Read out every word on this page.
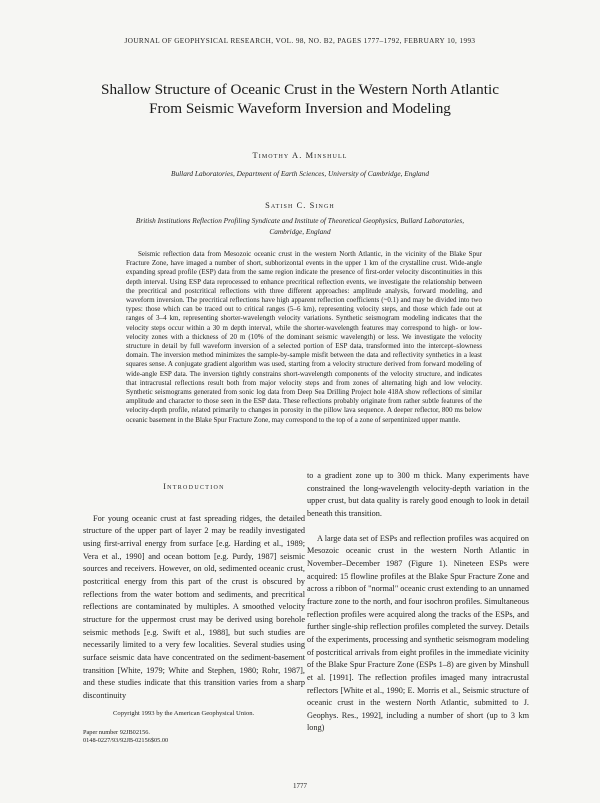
JOURNAL OF GEOPHYSICAL RESEARCH, VOL. 98, NO. B2, PAGES 1777–1792, FEBRUARY 10, 1993
Shallow Structure of Oceanic Crust in the Western North Atlantic
From Seismic Waveform Inversion and Modeling
Timothy A. Minshull
Bullard Laboratories, Department of Earth Sciences, University of Cambridge, England
Satish C. Singh
British Institutions Reflection Profiling Syndicate and Institute of Theoretical Geophysics, Bullard Laboratories,
Cambridge, England

Seismic reflection data from Mesozoic oceanic crust in the western North Atlantic, in the vicinity of the Blake Spur Fracture Zone, have imaged a number of short, subhorizontal events in the upper 1 km of the crystalline crust. Wide-angle expanding spread profile (ESP) data from the same region indicate the presence of first-order velocity discontinuities in this depth interval. Using ESP data reprocessed to enhance precritical reflection events, we investigate the relationship between the precritical and postcritical reflections with three different approaches: amplitude analysis, forward modeling, and waveform inversion. The precritical reflections have high apparent reflection coefficients (~0.1) and may be divided into two types: those which can be traced out to critical ranges (5–6 km), representing velocity steps, and those which fade out at ranges of 3–4 km, representing shorter-wavelength velocity variations. Synthetic seismogram modeling indicates that the velocity steps occur within a 30 m depth interval, while the shorter-wavelength features may correspond to high- or low-velocity zones with a thickness of 20 m (10% of the dominant seismic wavelength) or less. We investigate the velocity structure in detail by full waveform inversion of a selected portion of ESP data, transformed into the intercept–slowness domain. The inversion method minimizes the sample-by-sample misfit between the data and reflectivity synthetics in a least squares sense. A conjugate gradient algorithm was used, starting from a velocity structure derived from forward modeling of wide-angle ESP data. The inversion tightly constrains short-wavelength components of the velocity structure, and indicates that intracrustal reflections result both from major velocity steps and from zones of alternating high and low velocity. Synthetic seismograms generated from sonic log data from Deep Sea Drilling Project hole 418A show reflections of similar amplitude and character to those seen in the ESP data. These reflections probably originate from rather subtle features of the velocity-depth profile, related primarily to changes in porosity in the pillow lava sequence. A deeper reflector, 800 ms below oceanic basement in the Blake Spur Fracture Zone, may correspond to the top of a zone of serpentinized upper mantle.

Introduction

For young oceanic crust at fast spreading ridges, the detailed structure of the upper part of layer 2 may be readily investigated using first-arrival energy from surface [e.g. Harding et al., 1989; Vera et al., 1990] and ocean bottom [e.g. Purdy, 1987] seismic sources and receivers. However, on old, sedimented oceanic crust, postcritical energy from this part of the crust is obscured by reflections from the water bottom and sediments, and precritical reflections are contaminated by multiples. A smoothed velocity structure for the uppermost crust may be derived using borehole seismic methods [e.g. Swift et al., 1988], but such studies are necessarily limited to a very few localities. Several studies using surface seismic data have concentrated on the sediment-basement transition [White, 1979; White and Stephen, 1980; Rohr, 1987], and these studies indicate that this transition varies from a sharp discontinuity

to a gradient zone up to 300 m thick. Many experiments have constrained the long-wavelength velocity-depth variation in the upper crust, but data quality is rarely good enough to look in detail beneath this transition.

A large data set of ESPs and reflection profiles was acquired on Mesozoic oceanic crust in the western North Atlantic in November–December 1987 (Figure 1). Nineteen ESPs were acquired: 15 flowline profiles at the Blake Spur Fracture Zone and across a ribbon of "normal" oceanic crust extending to an unnamed fracture zone to the north, and four isochron profiles. Simultaneous reflection profiles were acquired along the tracks of the ESPs, and further single-ship reflection profiles completed the survey. Details of the experiments, processing and synthetic seismogram modeling of postcritical arrivals from eight profiles in the immediate vicinity of the Blake Spur Fracture Zone (ESPs 1–8) are given by Minshull et al. [1991]. The reflection profiles imaged many intracrustal reflectors [White et al., 1990; E. Morris et al., Seismic structure of oceanic crust in the western North Atlantic, submitted to J. Geophys. Res., 1992], including a number of short (up to 3 km long)

Copyright 1993 by the American Geophysical Union.
Paper number 92JB02156.
0148-0227/93/92JB-02156$05.00
1777
